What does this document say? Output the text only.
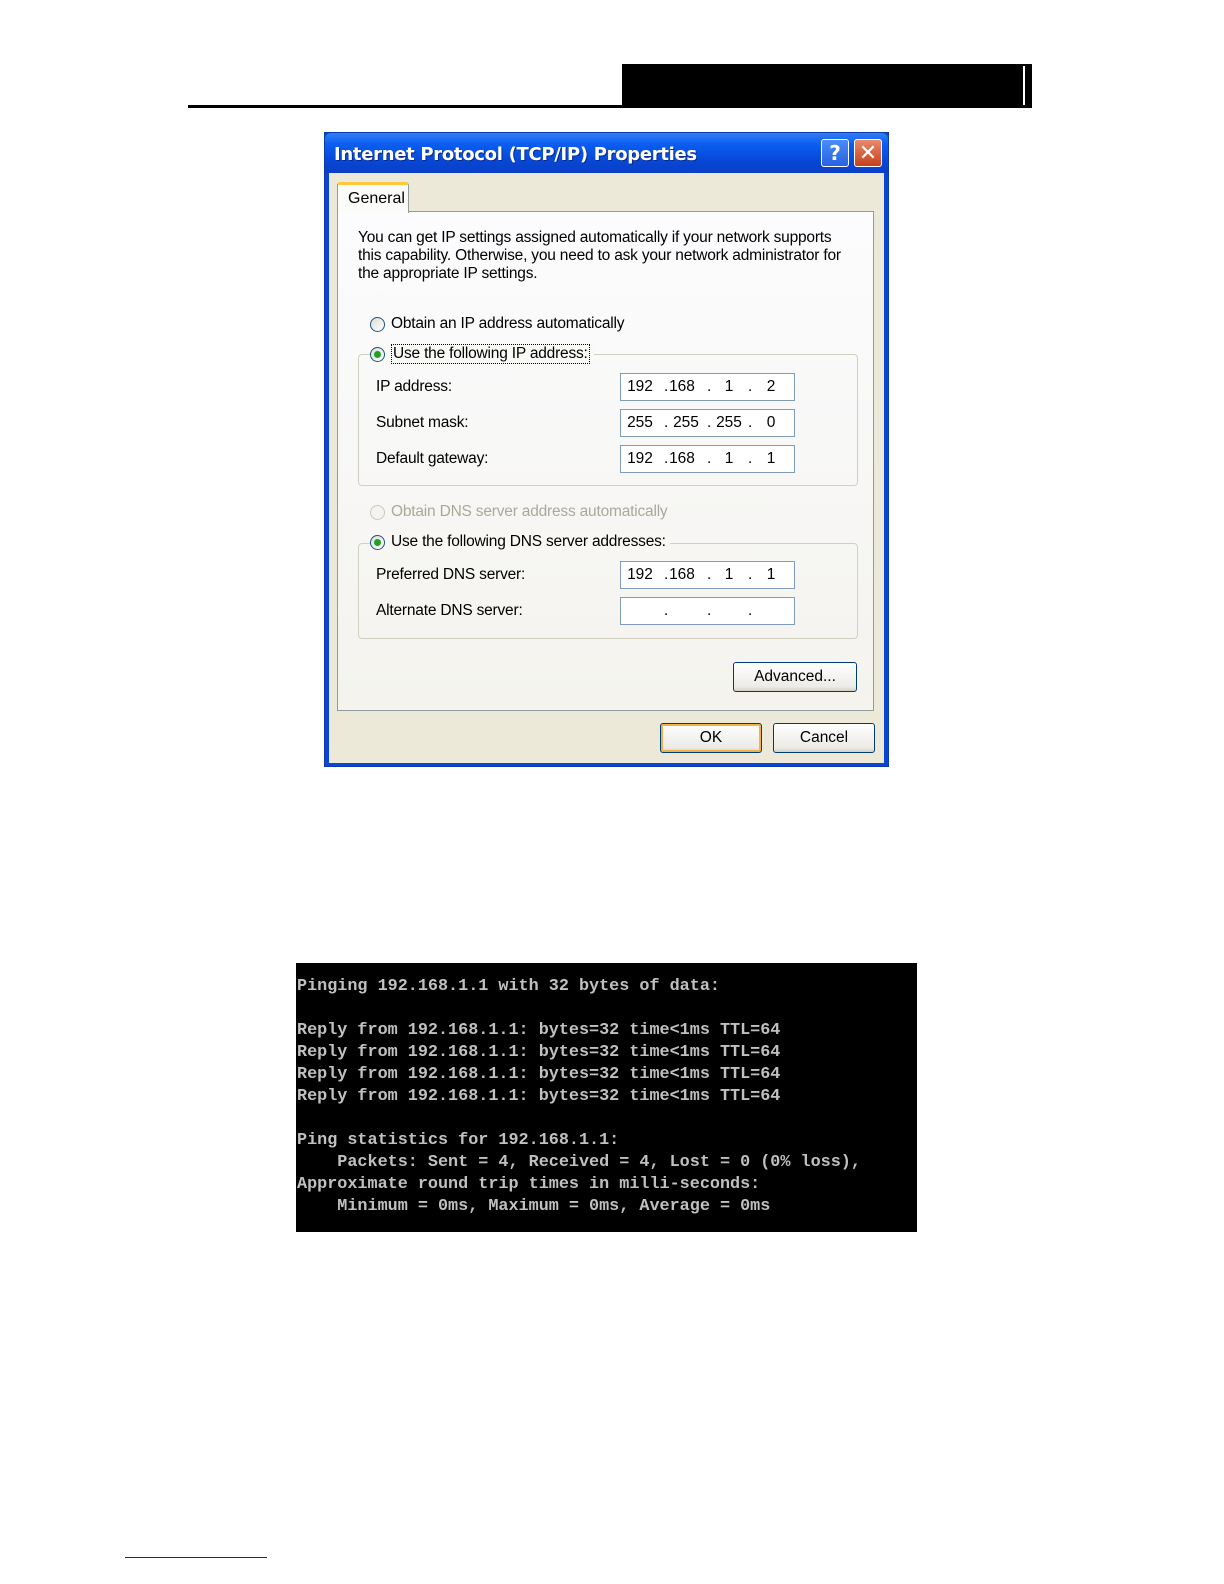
Internet Protocol (TCP/IP) Properties	? ✕
General
You can get IP settings assigned automatically if your network supports this capability. Otherwise, you need to ask your network administrator for the appropriate IP settings.
Obtain an IP address automatically
Use the following IP address:
IP address:	192 . 168 . 1 . 2
Subnet mask:	255 . 255 . 255 . 0
Default gateway:	192 . 168 . 1 . 1
Obtain DNS server address automatically
Use the following DNS server addresses:
Preferred DNS server:	192 . 168 . 1 . 1
Alternate DNS server:	. . .
Advanced...
OK	Cancel
Pinging 192.168.1.1 with 32 bytes of data:

Reply from 192.168.1.1: bytes=32 time<1ms TTL=64
Reply from 192.168.1.1: bytes=32 time<1ms TTL=64
Reply from 192.168.1.1: bytes=32 time<1ms TTL=64
Reply from 192.168.1.1: bytes=32 time<1ms TTL=64

Ping statistics for 192.168.1.1:
Packets: Sent = 4, Received = 4, Lost = 0 (0% loss),
Approximate round trip times in milli-seconds:
Minimum = 0ms, Maximum = 0ms, Average = 0ms
